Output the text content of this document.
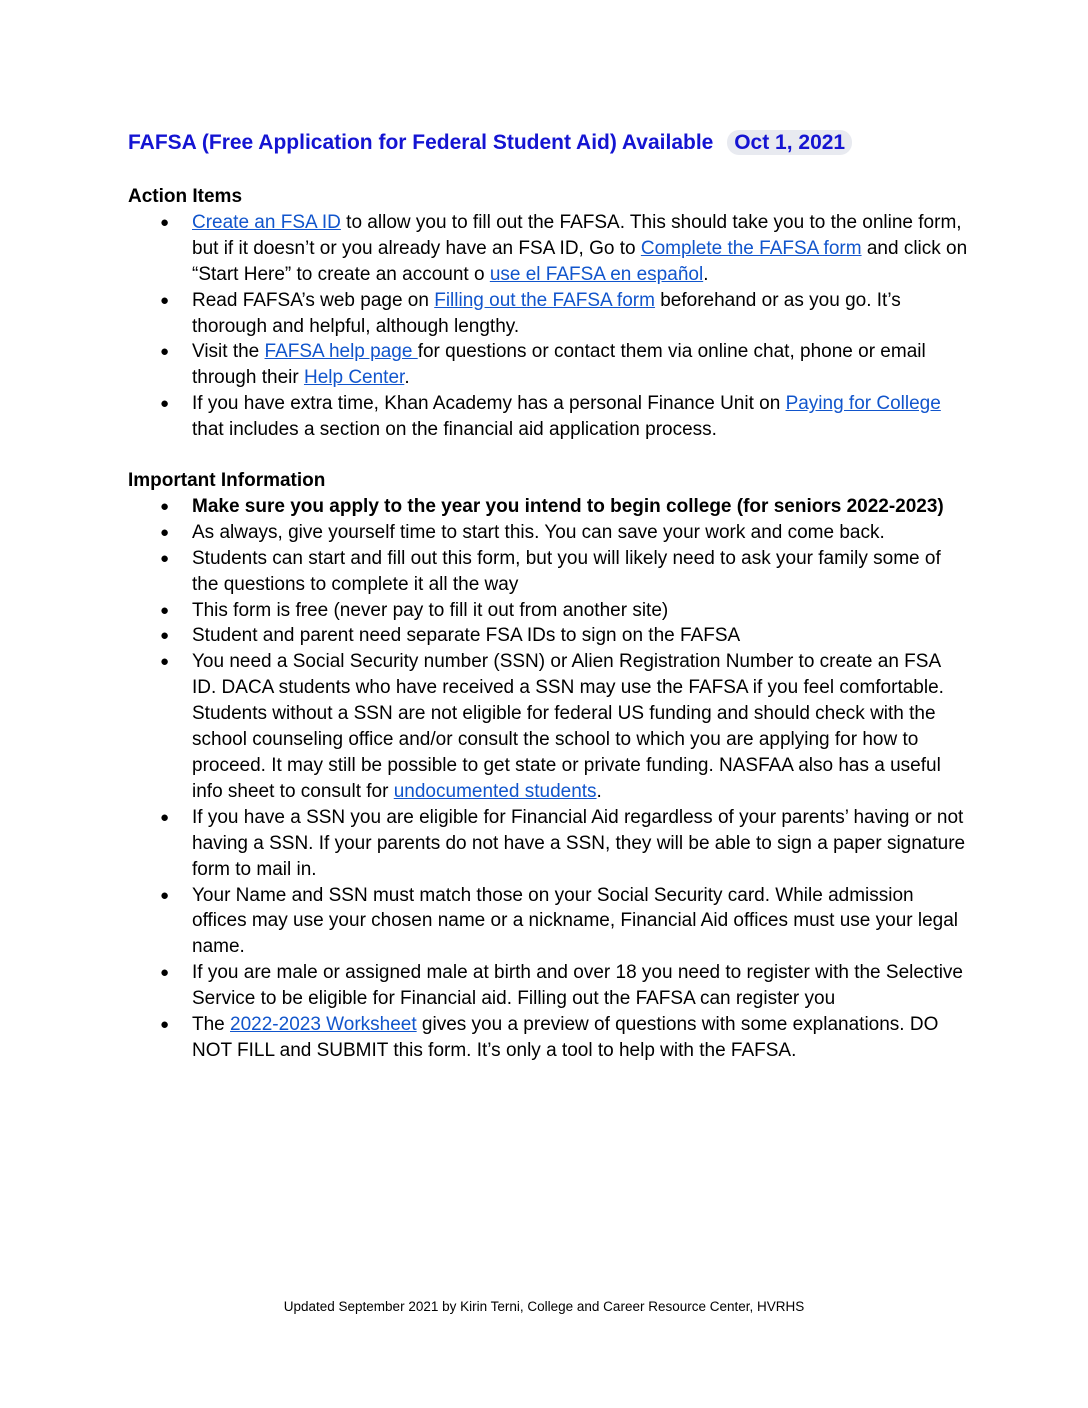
FAFSA (Free Application for Federal Student Aid) Available Oct 1, 2021
Action Items
● Create an FSA ID to allow you to fill out the FAFSA. This should take you to the online form, but if it doesn’t or you already have an FSA ID, Go to Complete the FAFSA form and click on “Start Here” to create an account o use el FAFSA en español.
● Read FAFSA’s web page on Filling out the FAFSA form beforehand or as you go. It’s thorough and helpful, although lengthy.
● Visit the FAFSA help page for questions or contact them via online chat, phone or email through their Help Center.
● If you have extra time, Khan Academy has a personal Finance Unit on Paying for College that includes a section on the financial aid application process.
Important Information
● Make sure you apply to the year you intend to begin college (for seniors 2022-2023)
● As always, give yourself time to start this. You can save your work and come back.
● Students can start and fill out this form, but you will likely need to ask your family some of the questions to complete it all the way
● This form is free (never pay to fill it out from another site)
● Student and parent need separate FSA IDs to sign on the FAFSA
● You need a Social Security number (SSN) or Alien Registration Number to create an FSA ID. DACA students who have received a SSN may use the FAFSA if you feel comfortable. Students without a SSN are not eligible for federal US funding and should check with the school counseling office and/or consult the school to which you are applying for how to proceed. It may still be possible to get state or private funding. NASFAA also has a useful info sheet to consult for undocumented students.
● If you have a SSN you are eligible for Financial Aid regardless of your parents’ having or not having a SSN. If your parents do not have a SSN, they will be able to sign a paper signature form to mail in.
● Your Name and SSN must match those on your Social Security card. While admission offices may use your chosen name or a nickname, Financial Aid offices must use your legal name.
● If you are male or assigned male at birth and over 18 you need to register with the Selective Service to be eligible for Financial aid. Filling out the FAFSA can register you
● The 2022-2023 Worksheet gives you a preview of questions with some explanations. DO NOT FILL and SUBMIT this form. It’s only a tool to help with the FAFSA.
Updated September 2021 by Kirin Terni, College and Career Resource Center, HVRHS
